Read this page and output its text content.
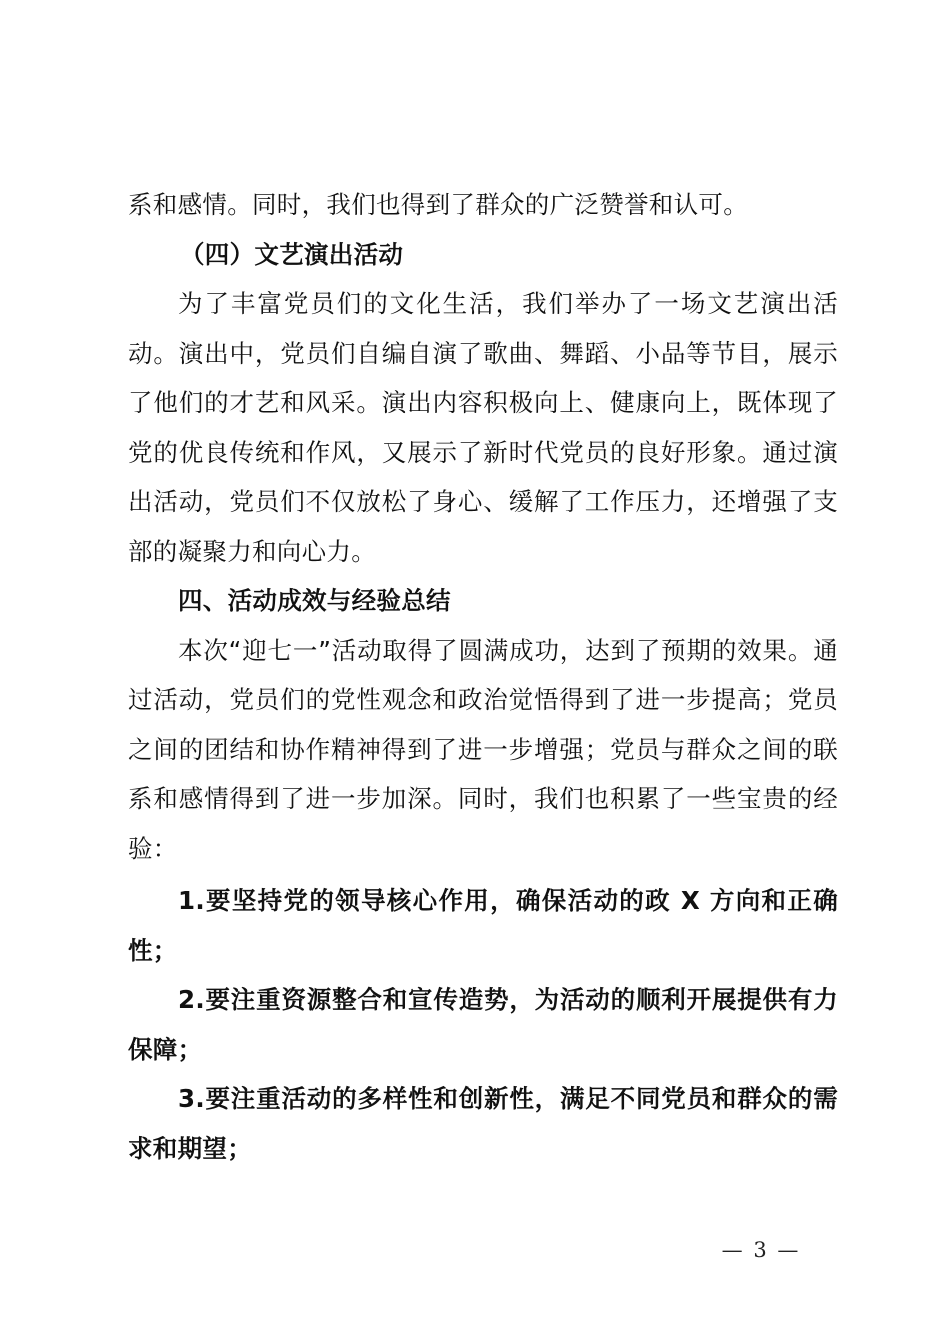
系和感情。同时，我们也得到了群众的广泛赞誉和认可。

（四）文艺演出活动

为了丰富党员们的文化生活，我们举办了一场文艺演出活动。演出中，党员们自编自演了歌曲、舞蹈、小品等节目，展示了他们的才艺和风采。演出内容积极向上、健康向上，既体现了党的优良传统和作风，又展示了新时代党员的良好形象。通过演出活动，党员们不仅放松了身心、缓解了工作压力，还增强了支部的凝聚力和向心力。

四、活动成效与经验总结

本次“迎七一”活动取得了圆满成功，达到了预期的效果。通过活动，党员们的党性观念和政治觉悟得到了进一步提高；党员之间的团结和协作精神得到了进一步增强；党员与群众之间的联系和感情得到了进一步加深。同时，我们也积累了一些宝贵的经验：

1.要坚持党的领导核心作用，确保活动的政 X 方向和正确性；

2.要注重资源整合和宣传造势，为活动的顺利开展提供有力保障；

3.要注重活动的多样性和创新性，满足不同党员和群众的需求和期望；

— 3 —
